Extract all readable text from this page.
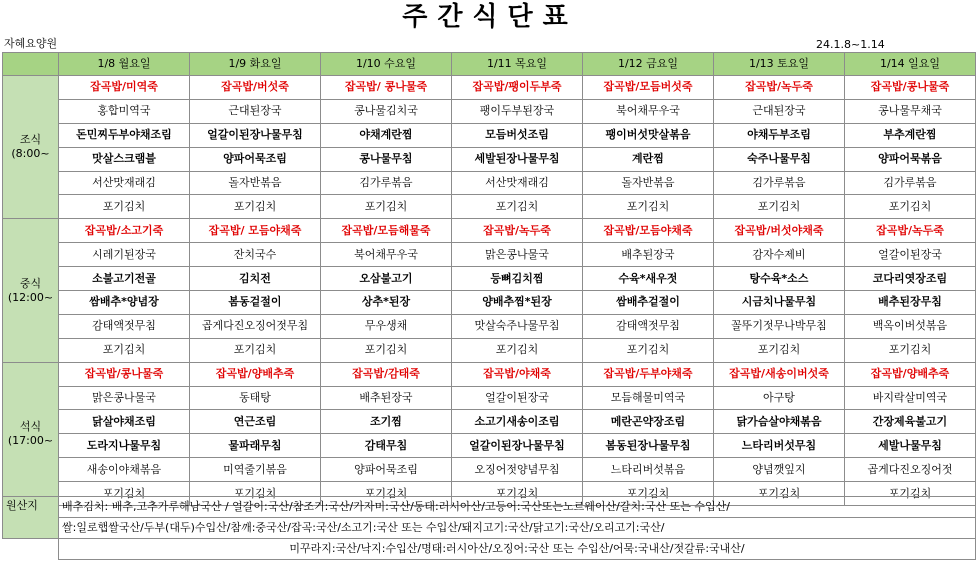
주간식단표
자혜요양원	24.1.8~1.14
	1/8 월요일	1/9 화요일	1/10 수요일	1/11 목요일	1/12 금요일	1/13 토요일	1/14 일요일

조식
(8:00~	잡곡밥/미역죽	잡곡밥/버섯죽	잡곡밥/ 콩나물죽	잡곡밥/팽이두부죽	잡곡밥/모듬버섯죽	잡곡밥/녹두죽	잡곡밥/콩나물죽
	홍합미역국	근대된장국	콩나물김치국	팽이두부된장국	북어채무우국	근대된장국	콩나물무채국
	돈민찌두부야채조림	얼갈이된장나물무침	야채계란찜	모듬버섯조림	팽이버섯맛살볶음	야채두부조림	부추계란찜
	맛살스크램블	양파어묵조림	콩나물무침	세발된장나물무침	계란찜	숙주나물무침	양파어묵볶음
	서산맛재래김	돌자반볶음	김가루볶음	서산맛재래김	돌자반볶음	김가루볶음	김가루볶음
	포기김치	포기김치	포기김치	포기김치	포기김치	포기김치	포기김치

중식
(12:00~	잡곡밥/소고기죽	잡곡밥/ 모듬야채죽	잡곡밥/모듬해물죽	잡곡밥/녹두죽	잡곡밥/모듬야채죽	잡곡밥/버섯야채죽	잡곡밥/녹두죽
	시레기된장국	잔치국수	북어채무우국	맑은콩나물국	배추된장국	감자수제비	얼갈이된장국
	소불고기전골	김치전	오삼불고기	등뼈김치찜	수육*새우젓	탕수육*소스	코다리엿장조림
	쌈배추*양념장	봄동겉절이	상추*된장	양배추찜*된장	쌈배추겉절이	시금치나물무침	배추된장무침
	감태액젓무침	곱게다진오징어젓무침	무우생채	맛살숙주나물무침	감태액젓무침	꼴뚜기젓무나박무침	백옥이버섯볶음
	포기김치	포기김치	포기김치	포기김치	포기김치	포기김치	포기김치

석식
(17:00~	잡곡밥/콩나물죽	잡곡밥/양배추죽	잡곡밥/감태죽	잡곡밥/야채죽	잡곡밥/두부야채죽	잡곡밥/새송이버섯죽	잡곡밥/양배추죽
	맑은콩나물국	동태탕	배추된장국	얼갈이된장국	모듬해물미역국	아구탕	바지락살미역국
	닭살야채조림	연근조림	조기찜	소고기새송이조림	메란곤약장조림	닭가슴살야채볶음	간장제육불고기
	도라지나물무침	물파래무침	감태무침	얼갈이된장나물무침	봄동된장나물무침	느타리버섯무침	세발나물무침
	새송이야채볶음	미역줄기볶음	양파어묵조림	오징어젓양념무침	느타리버섯볶음	양념깻잎지	곱게다진오징어젓
	포기김치	포기김치	포기김치	포기김치	포기김치	포기김치	포기김치
원산지	배추김치: 배추,고추가루해남국산 / 얼갈이:국산/참조기:국산/가자미:국산/동태:러시아산/고등어:국산또는노르웨이산/갈치:국산 또는 수입산/
	쌀:일로햅쌀국산/두부(대두)수입산/참깨:중국산/잡곡:국산/소고기:국산 또는 수입산/돼지고기:국산/닭고기:국산/오리고기:국산/
	미꾸라지:국산/낙지:수입산/명태:러시아산/오징어:국산 또는 수입산/어묵:국내산/젓갈류:국내산/
